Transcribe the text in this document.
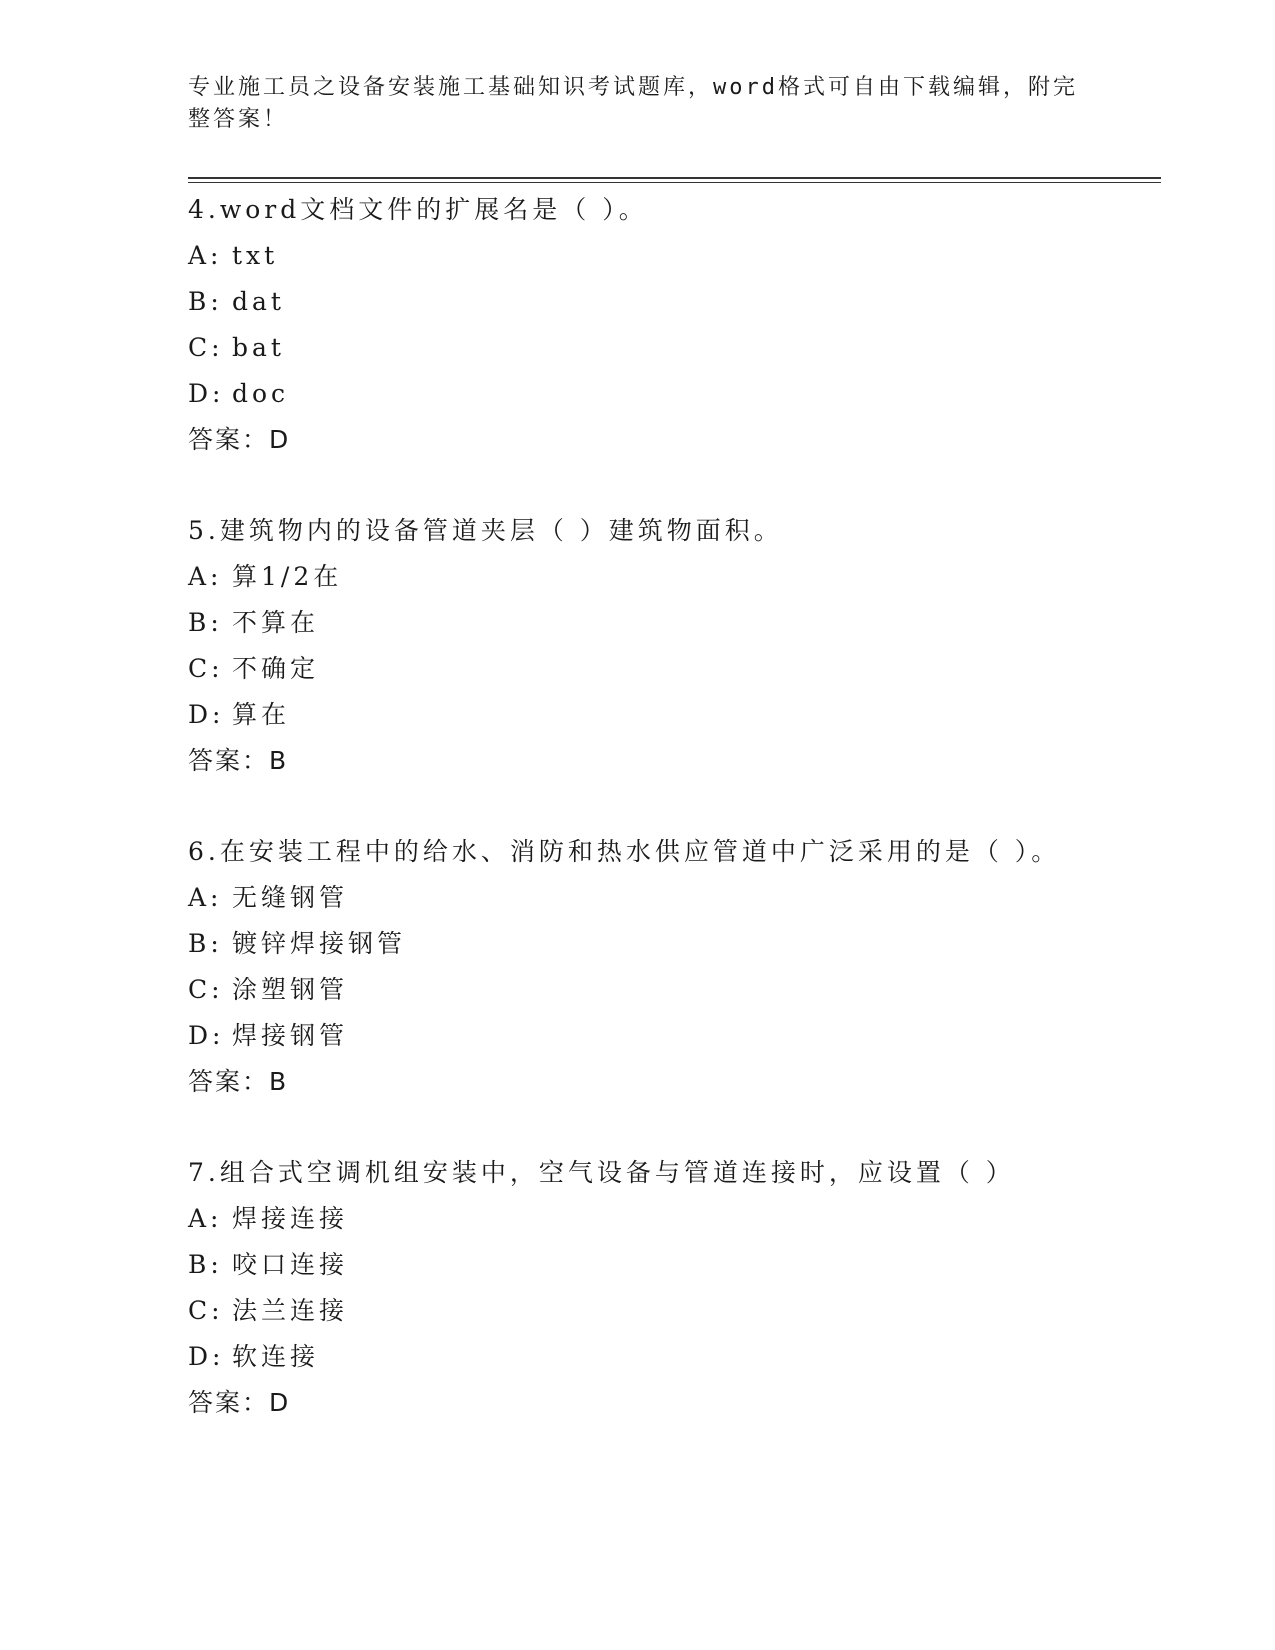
专业施工员之设备安装施工基础知识考试题库，word格式可自由下载编辑，附完
整答案！
4.word文档文件的扩展名是（ ）。
A: txt
B: dat
C: bat
D: doc
答案：D
5.建筑物内的设备管道夹层（ ）建筑物面积。
A: 算1/2在
B: 不算在
C: 不确定
D: 算在
答案：B
6.在安装工程中的给水、消防和热水供应管道中广泛采用的是（ ）。
A: 无缝钢管
B: 镀锌焊接钢管
C: 涂塑钢管
D: 焊接钢管
答案：B
7.组合式空调机组安装中，空气设备与管道连接时，应设置（ ）
A: 焊接连接
B: 咬口连接
C: 法兰连接
D: 软连接
答案：D
